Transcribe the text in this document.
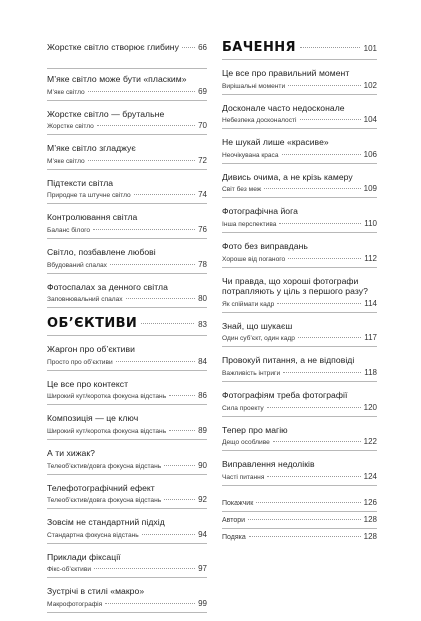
Жорстке світло створює глибину 66
М’яке світло може бути «пласким»
М’яке світло	69
Жорстке світло — брутальне
Жорстке світло	70
М’яке світло згладжує
М’яке світло	72
Підтексти світла
Природне та штучне світло	74
Контролювання світла
Баланс білого	76
Світло, позбавлене любові
Вбудований спалах	78
Фотоспалах за денного світла
Заповнювальний спалах	80
ОБ’ЄКТИВИ	83
Жаргон про об’єктиви
Просто про об’єктиви	84
Це все про контекст
Широкий кут/коротка фокусна відстань	86
Композиція — це ключ
Широкий кут/коротка фокусна відстань	89
А ти хижак?
Телеоб’єктив/довга фокусна відстань	90
Телефотографічний ефект
Телеоб’єктив/довга фокусна відстань	92
Зовсім не стандартний підхід
Стандартна фокусна відстань	94
Приклади фіксації
Фікс-об’єктиви	97
Зустрічі в стилі «макро»
Макрофотографія	99
БАЧЕННЯ	101
Це все про правильний момент
Вирішальні моменти	102
Досконале часто недосконале
Небезпека досконалості	104
Не шукай лише «красиве»
Неочікувана краса	106
Дивись очима, а не крізь камеру
Світ без меж	109
Фотографічна йога
Інша перспектива	110
Фото без виправдань
Хороше від поганого	112
Чи правда, що хороші фотографи потрапляють у ціль з першого разу?
Як спіймати кадр	114
Знай, що шукаєш
Один суб’єкт, один кадр	117
Провокуй питання, а не відповіді
Важливість інтриги	118
Фотографіям треба фотографії
Сила проекту	120
Тепер про магію
Дещо особливе	122
Виправлення недоліків
Часті питання	124
Покажчик	126
Автори	128
Подяка	128
